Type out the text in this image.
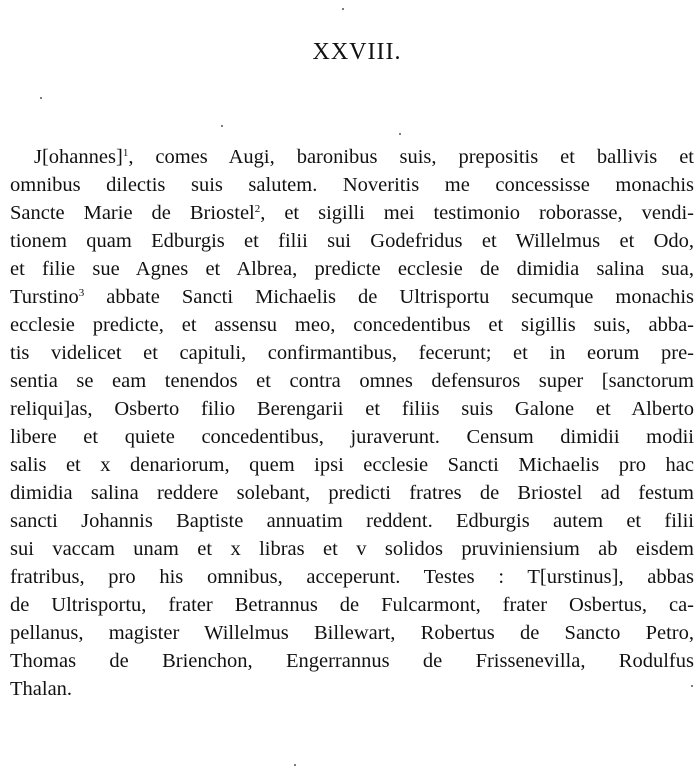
XXVIII.
J[ohannes]$^1$, comes Augi, baronibus suis, prepositis et ballivis et
omnibus dilectis suis salutem. Noveritis me concessisse monachis
Sancte Marie de Briostel$^2$, et sigilli mei testimonio roborasse, vendi-
tionem quam Edburgis et filii sui Godefridus et Willelmus et Odo,
et filie sue Agnes et Albrea, predicte ecclesie de dimidia salina sua,
Turstino$^3$ abbate Sancti Michaelis de Ultrisportu secumque monachis
ecclesie predicte, et assensu meo, concedentibus et sigillis suis, abba-
tis videlicet et capituli, confirmantibus, fecerunt; et in eorum pre-
sentia se eam tenendos et contra omnes defensuros super [sanctorum
reliqui]as, Osberto filio Berengarii et filiis suis Galone et Alberto
libere et quiete concedentibus, juraverunt. Censum dimidii modii
salis et x denariorum, quem ipsi ecclesie Sancti Michaelis pro hac
dimidia salina reddere solebant, predicti fratres de Briostel ad festum
sancti Johannis Baptiste annuatim reddent. Edburgis autem et filii
sui vaccam unam et x libras et v solidos pruviniensium ab eisdem
fratribus, pro his omnibus, acceperunt. Testes : T[urstinus], abbas
de Ultrisportu, frater Betrannus de Fulcarmont, frater Osbertus, ca-
pellanus, magister Willelmus Billewart, Robertus de Sancto Petro,
Thomas de Brienchon, Engerrannus de Frissenevilla, Rodulfus
Thalan.
